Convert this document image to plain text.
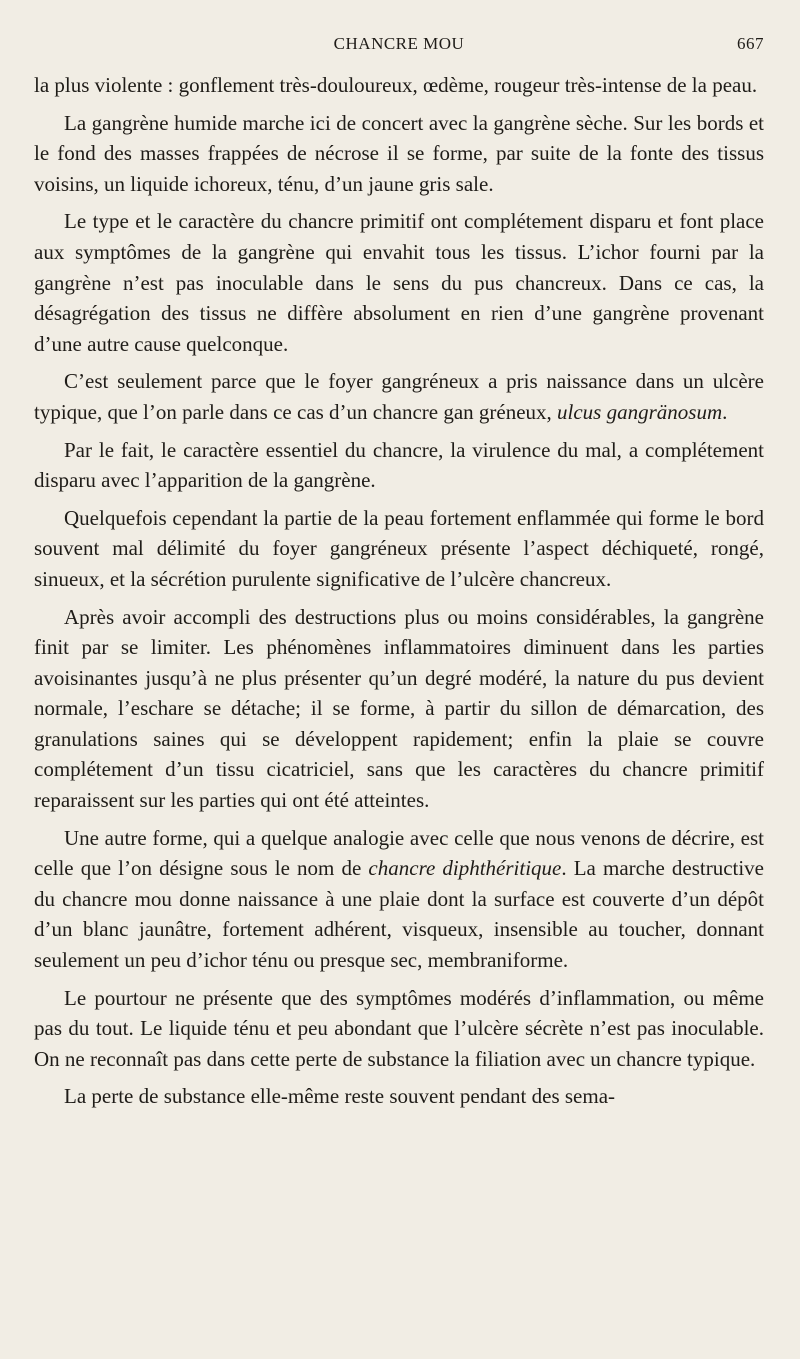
CHANCRE MOU	667

la plus violente : gonflement très-douloureux, œdème, rougeur très-intense de la peau.

La gangrène humide marche ici de concert avec la gangrène sèche. Sur les bords et le fond des masses frappées de nécrose il se forme, par suite de la fonte des tissus voisins, un liquide ichoreux, ténu, d’un jaune gris sale.

Le type et le caractère du chancre primitif ont complétement disparu et font place aux symptômes de la gangrène qui envahit tous les tissus. L’ichor fourni par la gangrène n’est pas inoculable dans le sens du pus chancreux. Dans ce cas, la désagrégation des tissus ne diffère absolument en rien d’une gangrène provenant d’une autre cause quelconque.

C’est seulement parce que le foyer gangréneux a pris naissance dans un ulcère typique, que l’on parle dans ce cas d’un chancre gan gréneux, ulcus gangränosum.

Par le fait, le caractère essentiel du chancre, la virulence du mal, a complétement disparu avec l’apparition de la gangrène.

Quelquefois cependant la partie de la peau fortement enflammée qui forme le bord souvent mal délimité du foyer gangréneux présente l’aspect déchiqueté, rongé, sinueux, et la sécrétion purulente significative de l’ulcère chancreux.

Après avoir accompli des destructions plus ou moins considérables, la gangrène finit par se limiter. Les phénomènes inflammatoires diminuent dans les parties avoisinantes jusqu’à ne plus présenter qu’un degré modéré, la nature du pus devient normale, l’eschare se détache; il se forme, à partir du sillon de démarcation, des granulations saines qui se développent rapidement; enfin la plaie se couvre complétement d’un tissu cicatriciel, sans que les caractères du chancre primitif reparaissent sur les parties qui ont été atteintes.

Une autre forme, qui a quelque analogie avec celle que nous venons de décrire, est celle que l’on désigne sous le nom de chancre diphthéritique. La marche destructive du chancre mou donne naissance à une plaie dont la surface est couverte d’un dépôt d’un blanc jaunâtre, fortement adhérent, visqueux, insensible au toucher, donnant seulement un peu d’ichor ténu ou presque sec, membraniforme.

Le pourtour ne présente que des symptômes modérés d’inflammation, ou même pas du tout. Le liquide ténu et peu abondant que l’ulcère sécrète n’est pas inoculable. On ne reconnaît pas dans cette perte de substance la filiation avec un chancre typique.

La perte de substance elle-même reste souvent pendant des sema-
